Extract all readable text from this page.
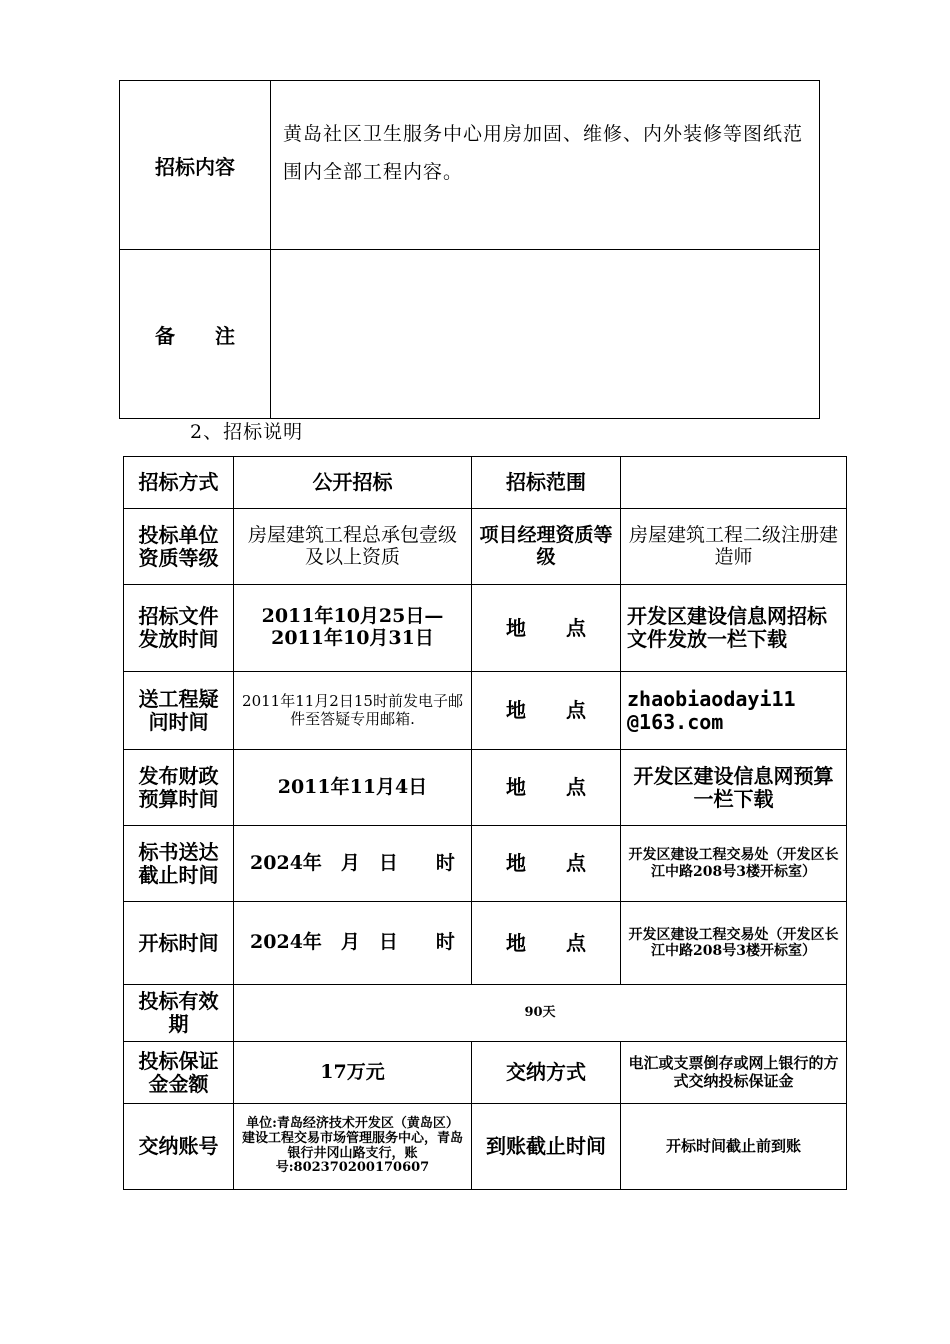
招标内容	黄岛社区卫生服务中心用房加固、维修、内外装修等图纸范围内全部工程内容。
备　　注	
2、招标说明
招标方式	公开招标	招标范围	
投标单位资质等级	房屋建筑工程总承包壹级及以上资质	项目经理资质等级	房屋建筑工程二级注册建造师
招标文件发放时间	2011年10月25日—2011年10月31日	地　　点	开发区建设信息网招标文件发放一栏下载
送工程疑问时间	2011年11月2日15时前发电子邮件至答疑专用邮箱.	地　　点	zhaobiaodayi11 @163.com
发布财政预算时间	2011年11月4日	地　　点	开发区建设信息网预算一栏下载
标书送达截止时间	2024年　月　日　　时	地　　点	开发区建设工程交易处（开发区长江中路208号3楼开标室）
开标时间	2024年　月　日　　时	地　　点	开发区建设工程交易处（开发区长江中路208号3楼开标室）
投标有效期	90天		
投标保证金金额	17万元	交纳方式	电汇或支票倒存或网上银行的方式交纳投标保证金
交纳账号	单位:青岛经济技术开发区（黄岛区）建设工程交易市场管理服务中心，青岛银行井冈山路支行，账号:802370200170607	到账截止时间	开标时间截止前到账
